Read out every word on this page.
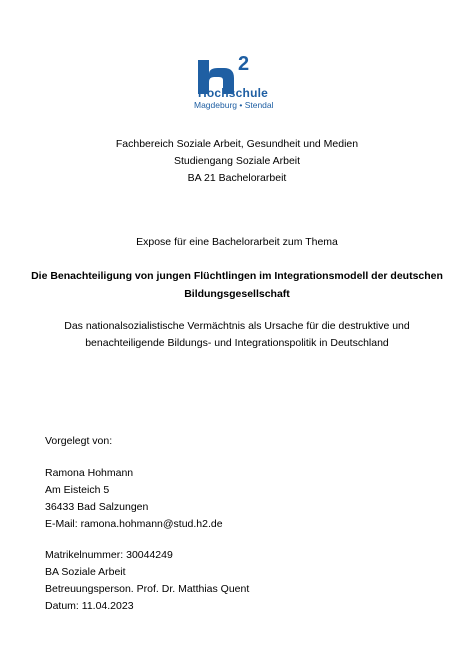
2
Hochschule
Magdeburg • Stendal
Fachbereich Soziale Arbeit, Gesundheit und Medien
Studiengang Soziale Arbeit
BA 21 Bachelorarbeit
Expose für eine Bachelorarbeit zum Thema
Die Benachteiligung von jungen Flüchtlingen im Integrationsmodell der deutschen
Bildungsgesellschaft
Das nationalsozialistische Vermächtnis als Ursache für die destruktive und
benachteiligende Bildungs- und Integrationspolitik in Deutschland
Vorgelegt von:
Ramona Hohmann
Am Eisteich 5
36433 Bad Salzungen
E-Mail: ramona.hohmann@stud.h2.de
Matrikelnummer: 30044249
BA Soziale Arbeit
Betreuungsperson. Prof. Dr. Matthias Quent
Datum: 11.04.2023
